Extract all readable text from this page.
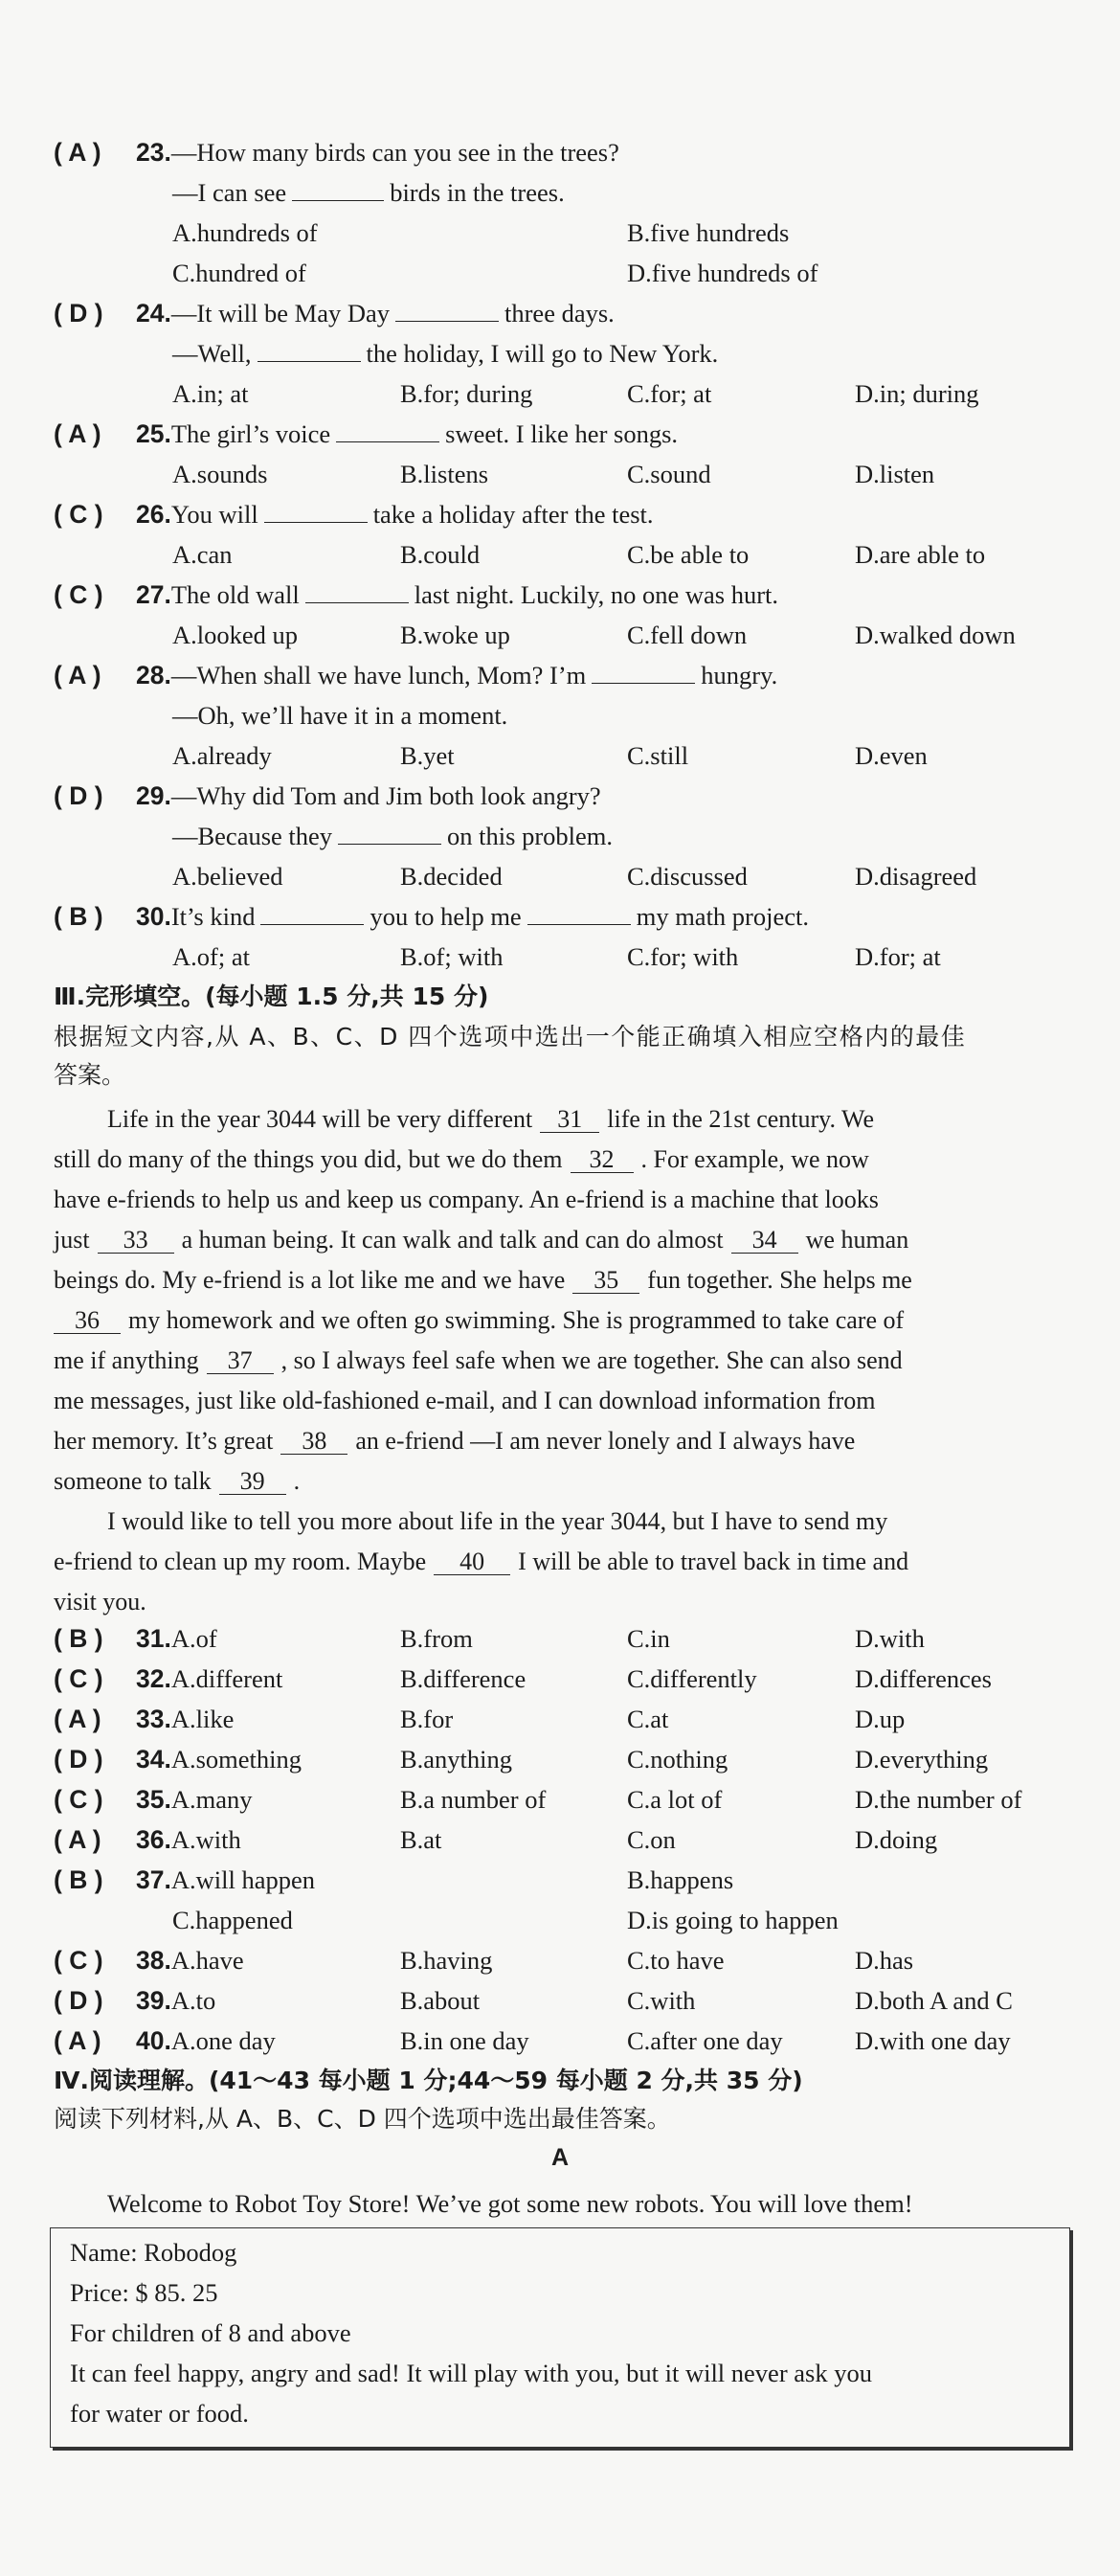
( A ) 23.—How many birds can you see in the trees?
—I can see	birds in the trees.
A.hundreds of	B.five hundreds
C.hundred of	D.five hundreds of
( D ) 24.—It will be May Day	three days.
—Well,	the holiday, I will go to New York.
A.in; at	B.for; during	C.for; at	D.in; during
( A ) 25.The girl’s voice	sweet. I like her songs.
A.sounds	B.listens	C.sound	D.listen
( C ) 26.You will	take a holiday after the test.
A.can	B.could	C.be able to	D.are able to
( C ) 27.The old wall	last night. Luckily, no one was hurt.
A.looked up	B.woke up	C.fell down	D.walked down
( A ) 28.—When shall we have lunch, Mom? I’m	hungry.
—Oh, we’ll have it in a moment.
A.already	B.yet	C.still	D.even
( D ) 29.—Why did Tom and Jim both look angry?
—Because they	on this problem.
A.believed	B.decided	C.discussed	D.disagreed
( B ) 30.It’s kind	you to help me	my math project.
A.of; at	B.of; with	C.for; with	D.for; at
Ⅲ.完形填空。(每小题 1.5 分,共 15 分)
根据短文内容,从 A、B、C、D 四个选项中选出一个能正确填入相应空格内的最佳
答案。
Life in the year 3044 will be very different 31 life in the 21st century. We
still do many of the things you did, but we do them 32 . For example, we now
have e-friends to help us and keep us company. An e-friend is a machine that looks
just 33 a human being. It can walk and talk and can do almost 34 we human
beings do. My e-friend is a lot like me and we have 35 fun together. She helps me
36 my homework and we often go swimming. She is programmed to take care of
me if anything 37 , so I always feel safe when we are together. She can also send
me messages, just like old-fashioned e-mail, and I can download information from
her memory. It’s great 38 an e-friend —I am never lonely and I always have
someone to talk 39 .
I would like to tell you more about life in the year 3044, but I have to send my
e-friend to clean up my room. Maybe 40 I will be able to travel back in time and
visit you.
( B ) 31.A.of	B.from	C.in	D.with
( C ) 32.A.different	B.difference	C.differently	D.differences
( A ) 33.A.like	B.for	C.at	D.up
( D ) 34.A.something	B.anything	C.nothing	D.everything
( C ) 35.A.many	B.a number of	C.a lot of	D.the number of
( A ) 36.A.with	B.at	C.on	D.doing
( B ) 37.A.will happen	B.happens
C.happened	D.is going to happen
( C ) 38.A.have	B.having	C.to have	D.has
( D ) 39.A.to	B.about	C.with	D.both A and C
( A ) 40.A.one day	B.in one day	C.after one day	D.with one day
Ⅳ.阅读理解。(41～43 每小题 1 分;44～59 每小题 2 分,共 35 分)
阅读下列材料,从 A、B、C、D 四个选项中选出最佳答案。
A
Welcome to Robot Toy Store! We’ve got some new robots. You will love them!
Name: Robodog
Price: $ 85. 25
For children of 8 and above
It can feel happy, angry and sad! It will play with you, but it will never ask you
for water or food.
